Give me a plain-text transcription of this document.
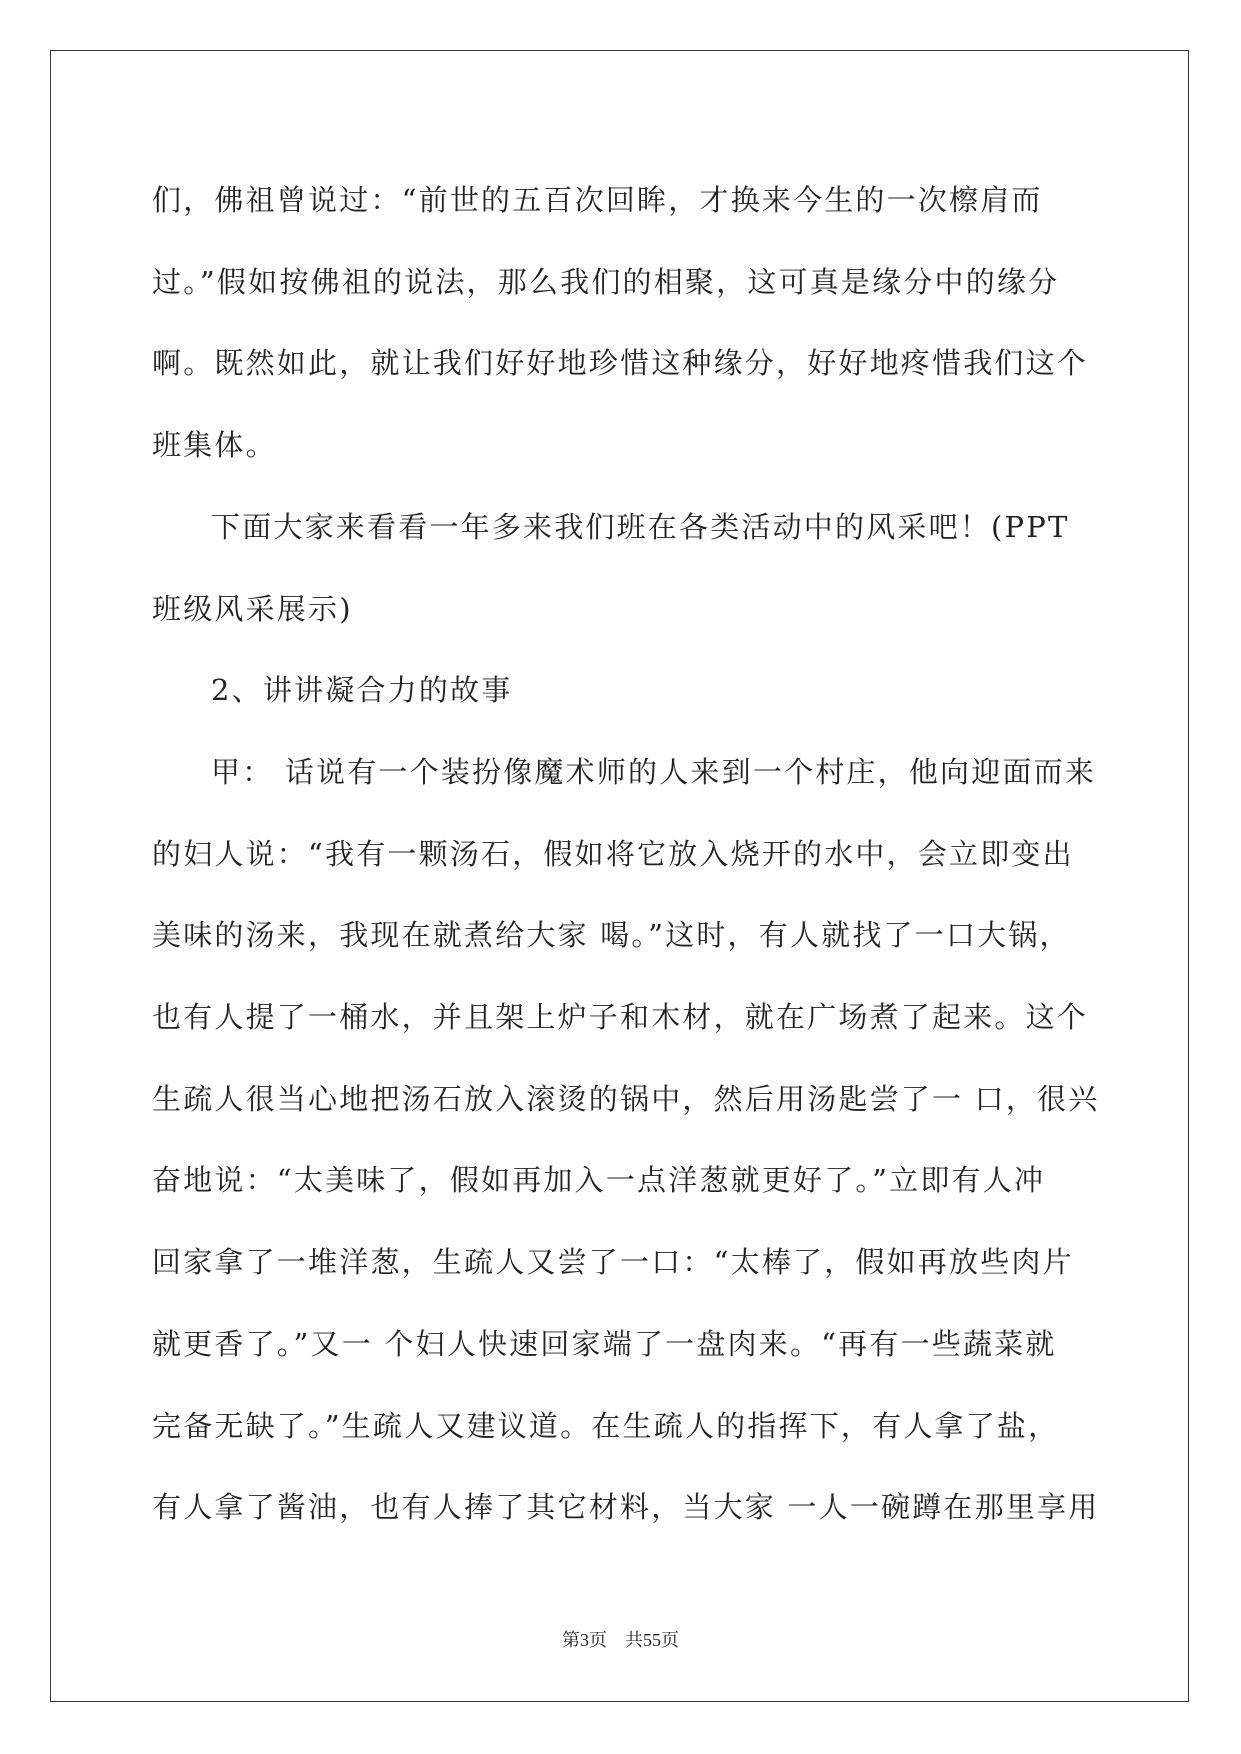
们，佛祖曾说过：“前世的五百次回眸，才换来今生的一次檫肩而
过。”假如按佛祖的说法，那么我们的相聚，这可真是缘分中的缘分
啊。既然如此，就让我们好好地珍惜这种缘分，好好地疼惜我们这个
班集体。

下面大家来看看一年多来我们班在各类活动中的风采吧！(PPT
班级风采展示)

2、讲讲凝合力的故事

甲： 话说有一个装扮像魔术师的人来到一个村庄，他向迎面而来
的妇人说：“我有一颗汤石，假如将它放入烧开的水中，会立即变出
美味的汤来，我现在就煮给大家 喝。”这时，有人就找了一口大锅，
也有人提了一桶水，并且架上炉子和木材，就在广场煮了起来。这个
生疏人很当心地把汤石放入滚烫的锅中，然后用汤匙尝了一 口，很兴
奋地说：“太美味了，假如再加入一点洋葱就更好了。”立即有人冲
回家拿了一堆洋葱，生疏人又尝了一口：“太棒了，假如再放些肉片
就更香了。”又一 个妇人快速回家端了一盘肉来。“再有一些蔬菜就
完备无缺了。”生疏人又建议道。在生疏人的指挥下，有人拿了盐，
有人拿了酱油，也有人捧了其它材料，当大家 一人一碗蹲在那里享用

第3页 共55页
